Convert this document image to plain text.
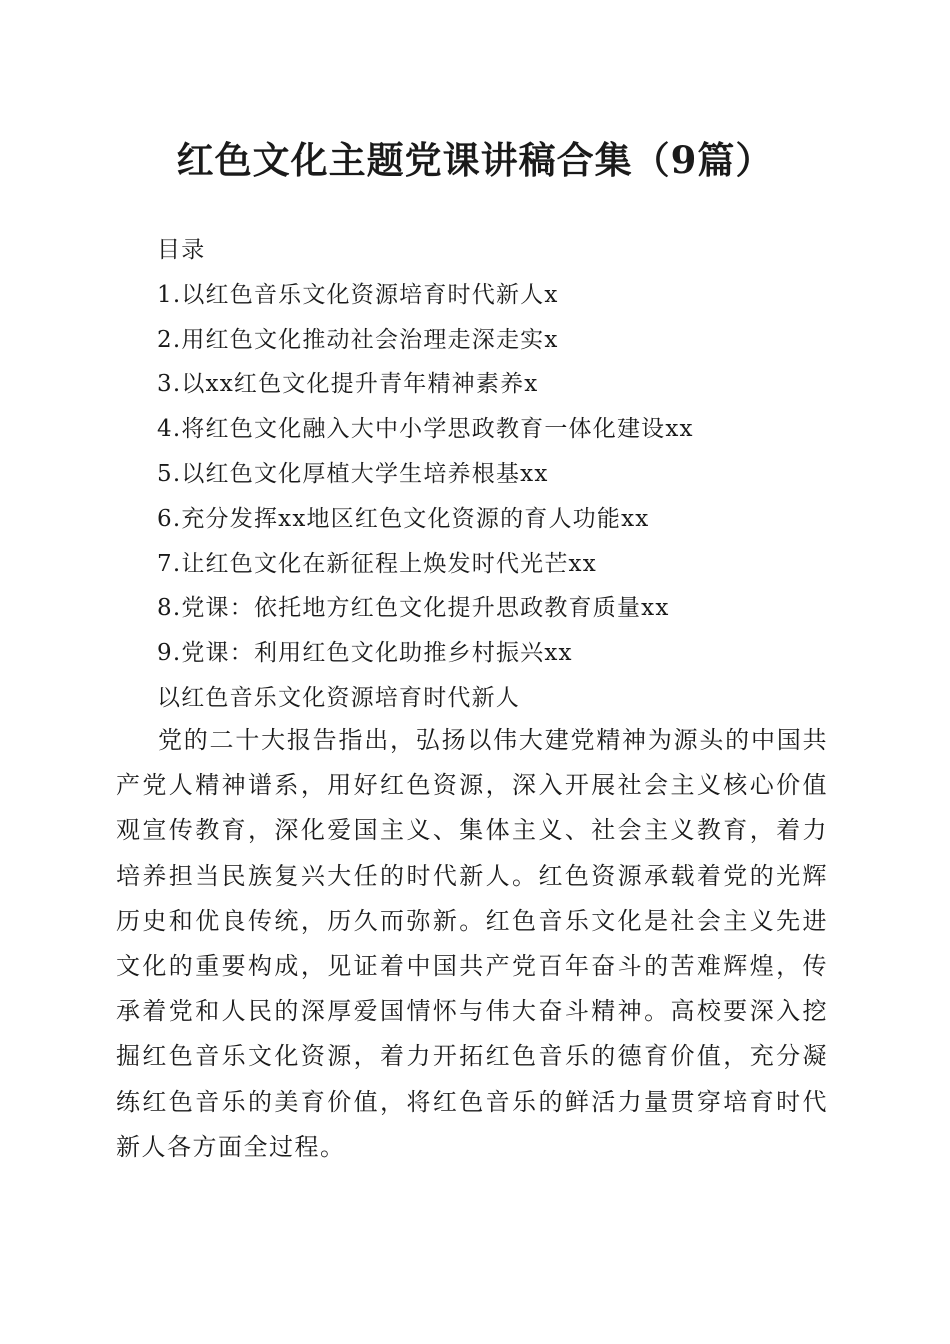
红色文化主题党课讲稿合集（9篇）
目录
1.以红色音乐文化资源培育时代新人x
2.用红色文化推动社会治理走深走实x
3.以xx红色文化提升青年精神素养x
4.将红色文化融入大中小学思政教育一体化建设xx
5.以红色文化厚植大学生培养根基xx
6.充分发挥xx地区红色文化资源的育人功能xx
7.让红色文化在新征程上焕发时代光芒xx
8.党课：依托地方红色文化提升思政教育质量xx
9.党课：利用红色文化助推乡村振兴xx
以红色音乐文化资源培育时代新人

党的二十大报告指出，弘扬以伟大建党精神为源头的中国共产党人精神谱系，用好红色资源，深入开展社会主义核心价值观宣传教育，深化爱国主义、集体主义、社会主义教育，着力培养担当民族复兴大任的时代新人。红色资源承载着党的光辉历史和优良传统，历久而弥新。红色音乐文化是社会主义先进文化的重要构成，见证着中国共产党百年奋斗的苦难辉煌，传承着党和人民的深厚爱国情怀与伟大奋斗精神。高校要深入挖掘红色音乐文化资源，着力开拓红色音乐的德育价值，充分凝练红色音乐的美育价值，将红色音乐的鲜活力量贯穿培育时代新人各方面全过程。
